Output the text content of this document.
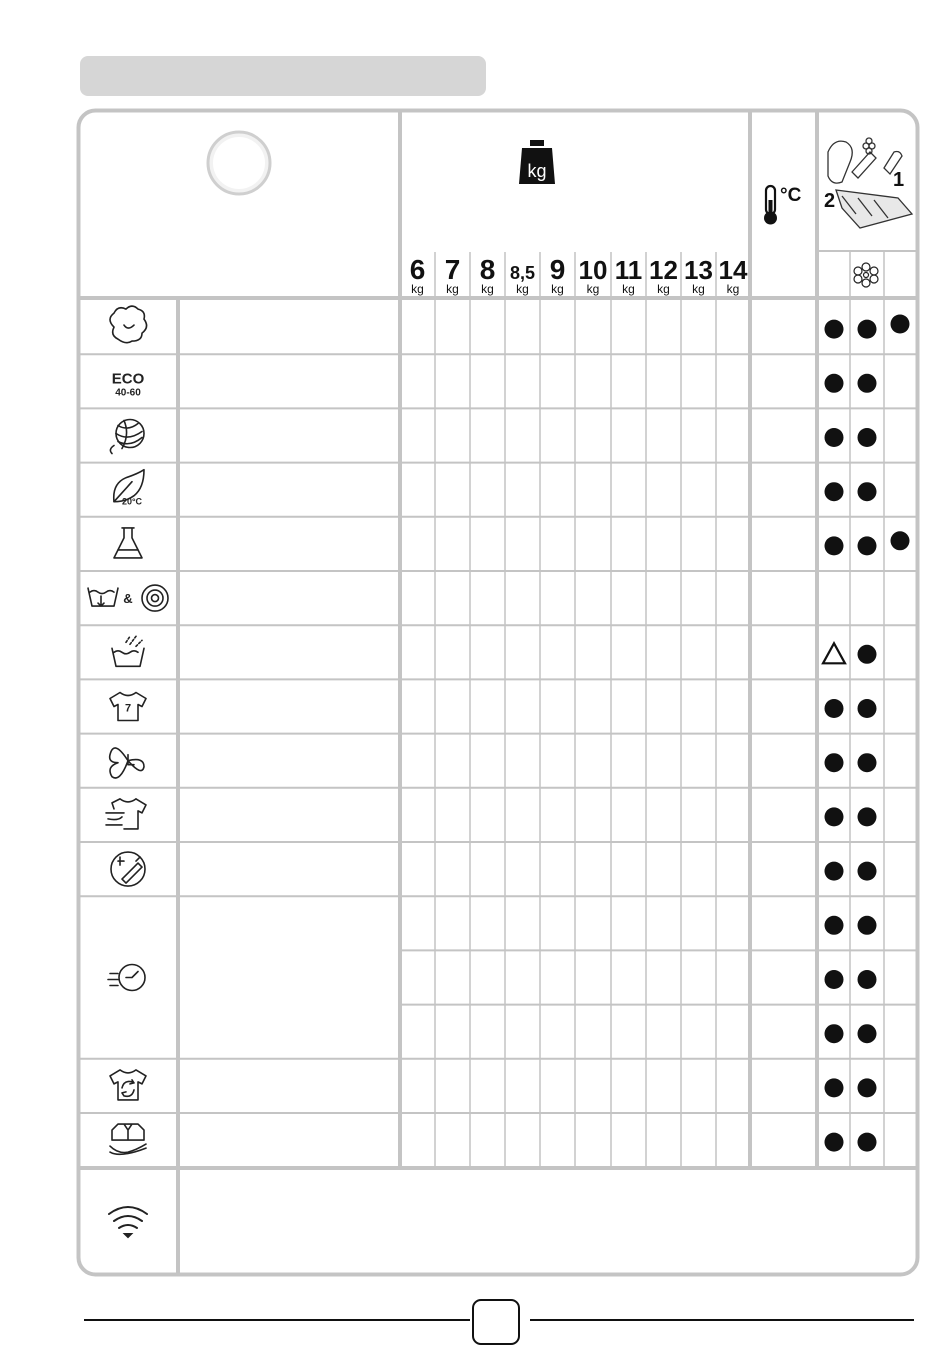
kg
°C
1
2
6
kg
7
kg
8
kg
8,5
kg
9
kg
10
kg
11
kg
12
kg
13
kg
14
kg
ECO
40-60
20°C
&
7
